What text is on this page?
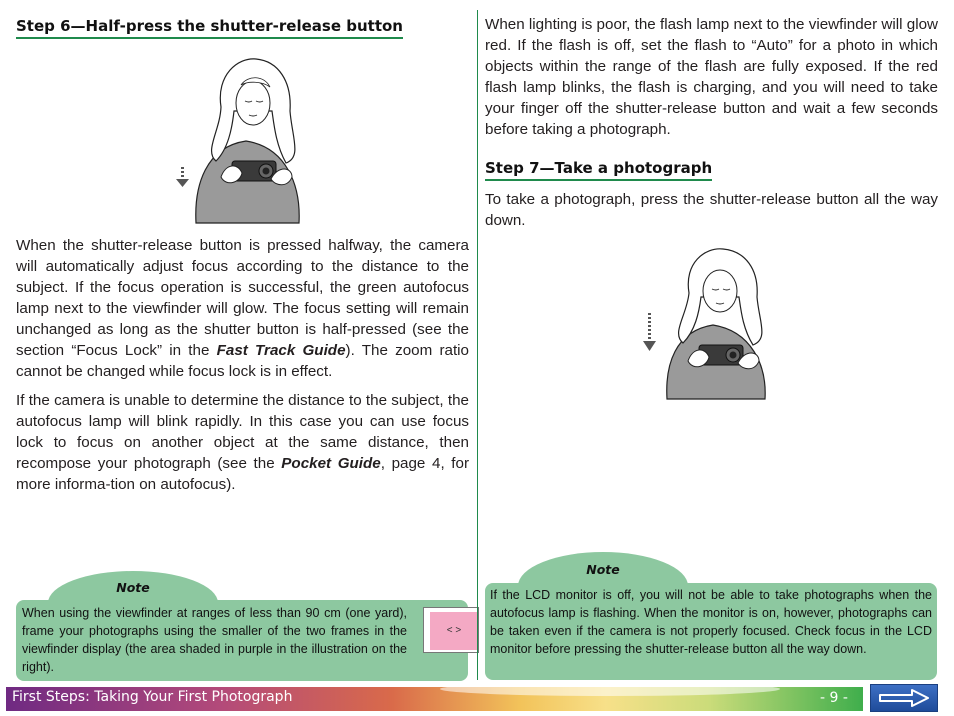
Step 6—Half-press the shutter-release button

When the shutter-release button is pressed halfway, the camera will automatically adjust focus according to the distance to the subject. If the focus operation is successful, the green autofocus lamp next to the viewfinder will glow. The focus setting will remain unchanged as long as the shutter button is half-pressed (see the section “Focus Lock” in the Fast Track Guide). The zoom ratio cannot be changed while focus lock is in effect.

If the camera is unable to determine the distance to the subject, the autofocus lamp will blink rapidly. In this case you can use focus lock to focus on another object at the same distance, then recompose your photograph (see the Pocket Guide, page 4, for more informa-tion on autofocus).

Note
When using the viewfinder at ranges of less than 90 cm (one yard), frame your photographs using the smaller of the two frames in the viewfinder display (the area shaded in purple in the illustration on the right).
< >

When lighting is poor, the flash lamp next to the viewfinder will glow red. If the flash is off, set the flash to “Auto” for a photo in which objects within the range of the flash are fully exposed. If the red flash lamp blinks, the flash is charging, and you will need to take your finger off the shutter-release button and wait a few seconds before taking a photograph.

Step 7—Take a photograph

To take a photograph, press the shutter-release button all the way down.

Note
If the LCD monitor is off, you will not be able to take photographs when the autofocus lamp is flashing. When the monitor is on, however, photographs can be taken even if the camera is not properly focused. Check focus in the LCD monitor before pressing the shutter-release button all the way down.
First Steps: Taking Your First Photograph	- 9 -
